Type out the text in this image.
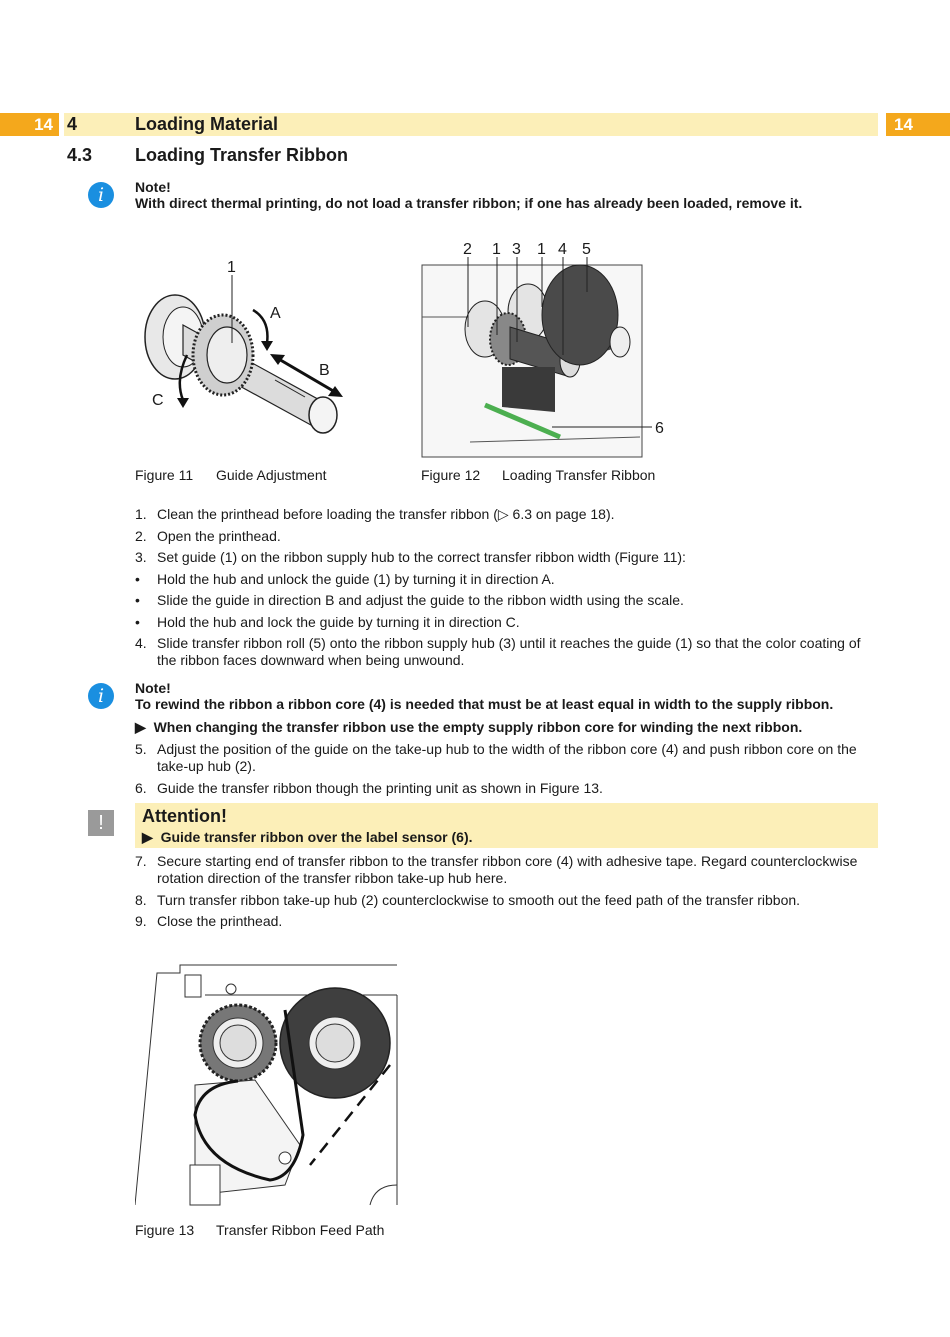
14 4	Loading Material	14
4.3 Loading Transfer Ribbon
i	Note!
With direct thermal printing, do not load a transfer ribbon; if one has already been loaded, remove it.
1
A
B
C
Figure 11 Guide Adjustment
2 1 3 1 4 5
6
Figure 12 Loading Transfer Ribbon
1. Clean the printhead before loading the transfer ribbon (▷ 6.3 on page 18).
2. Open the printhead.
3. Set guide (1) on the ribbon supply hub to the correct transfer ribbon width (Figure 11):
• Hold the hub and unlock the guide (1) by turning it in direction A.
• Slide the guide in direction B and adjust the guide to the ribbon width using the scale.
• Hold the hub and lock the guide by turning it in direction C.
4. Slide transfer ribbon roll (5) onto the ribbon supply hub (3) until it reaches the guide (1) so that the color coating of the ribbon faces downward when being unwound.
i	Note!
To rewind the ribbon a ribbon core (4) is needed that must be at least equal in width to the supply ribbon.
▶ When changing the transfer ribbon use the empty supply ribbon core for winding the next ribbon.
5. Adjust the position of the guide on the take-up hub to the width of the ribbon core (4) and push ribbon core on the take-up hub (2).
6. Guide the transfer ribbon though the printing unit as shown in Figure 13.
!	Attention!
▶ Guide transfer ribbon over the label sensor (6).
7. Secure starting end of transfer ribbon to the transfer ribbon core (4) with adhesive tape. Regard counterclockwise rotation direction of the transfer ribbon take-up hub here.
8. Turn transfer ribbon take-up hub (2) counterclockwise to smooth out the feed path of the transfer ribbon.
9. Close the printhead.
Figure 13 Transfer Ribbon Feed Path
